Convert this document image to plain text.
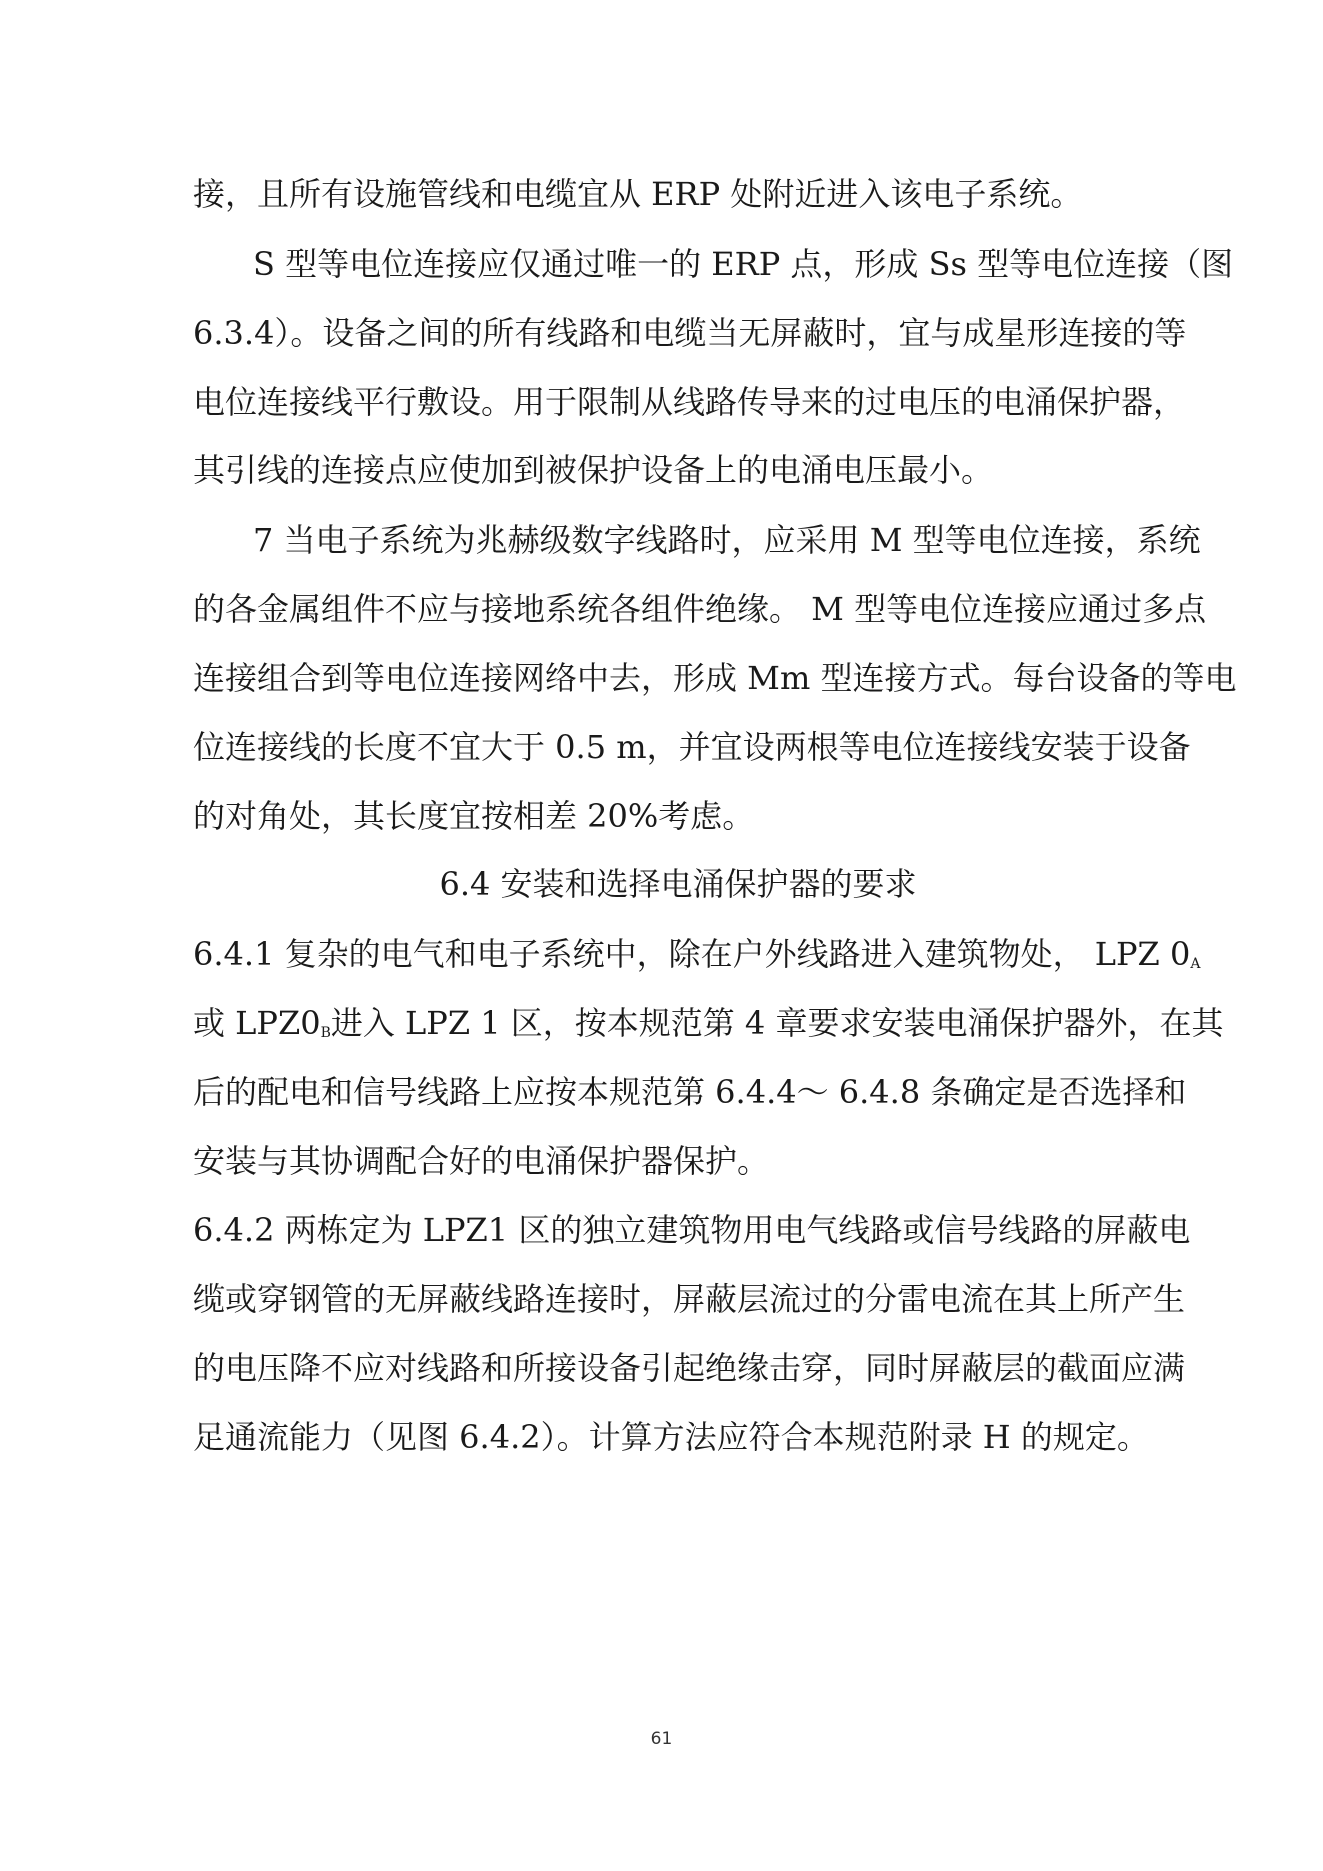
接，且所有设施管线和电缆宜从 ERP 处附近进入该电子系统。
S 型等电位连接应仅通过唯一的 ERP 点，形成 Ss 型等电位连接（图
6.3.4）。设备之间的所有线路和电缆当无屏蔽时，宜与成星形连接的等
电位连接线平行敷设。用于限制从线路传导来的过电压的电涌保护器，
其引线的连接点应使加到被保护设备上的电涌电压最小。
7 当电子系统为兆赫级数字线路时，应采用 M 型等电位连接，系统
的各金属组件不应与接地系统各组件绝缘。 M 型等电位连接应通过多点
连接组合到等电位连接网络中去，形成 Mm 型连接方式。每台设备的等电
位连接线的长度不宜大于 0.5 m，并宜设两根等电位连接线安装于设备
的对角处，其长度宜按相差 20%考虑。
6.4 安装和选择电涌保护器的要求
6.4.1 复杂的电气和电子系统中，除在户外线路进入建筑物处， LPZ $0_A$
或 $LPZ0_B$进入 LPZ 1 区，按本规范第 4 章要求安装电涌保护器外，在其
后的配电和信号线路上应按本规范第 6.4.4～ 6.4.8 条确定是否选择和
安装与其协调配合好的电涌保护器保护。
6.4.2 两栋定为 LPZ1 区的独立建筑物用电气线路或信号线路的屏蔽电
缆或穿钢管的无屏蔽线路连接时，屏蔽层流过的分雷电流在其上所产生
的电压降不应对线路和所接设备引起绝缘击穿，同时屏蔽层的截面应满
足通流能力（见图 6.4.2）。计算方法应符合本规范附录 H 的规定。
61
